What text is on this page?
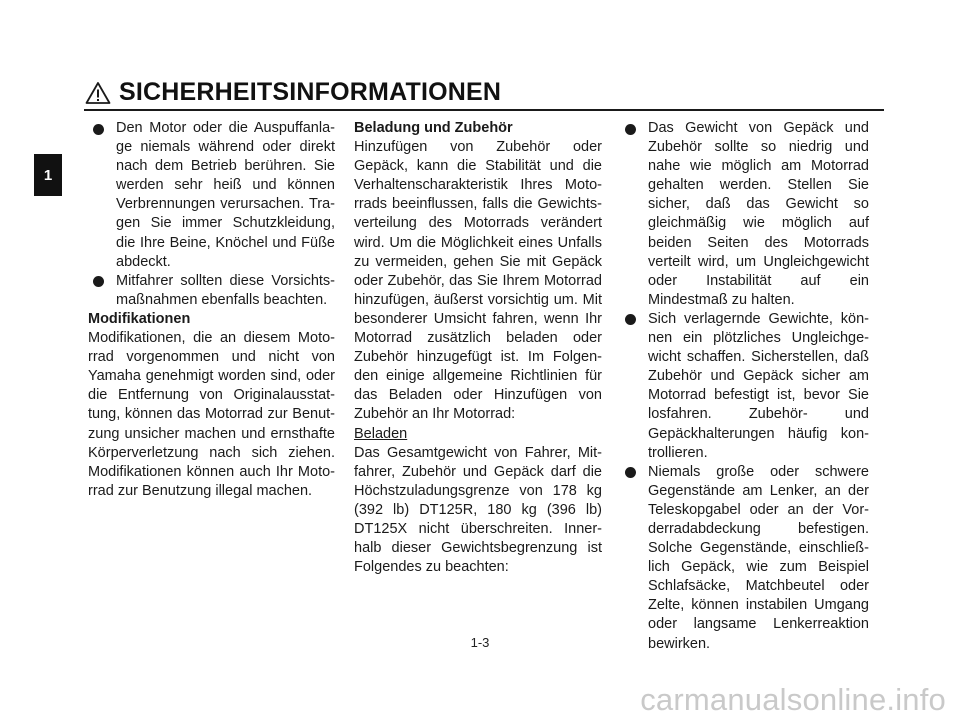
SICHERHEITSINFORMATIONEN
1
Den Motor oder die Auspuffanla-ge niemals während oder direkt nach dem Betrieb berühren. Sie werden sehr heiß und können Verbrennungen verursachen. Tra-gen Sie immer Schutzkleidung, die Ihre Beine, Knöchel und Füße abdeckt.
Mitfahrer sollten diese Vorsichts-maßnahmen ebenfalls beachten.
Modifikationen
Modifikationen, die an diesem Moto-rrad vorgenommen und nicht von Yamaha genehmigt worden sind, oder die Entfernung von Originalausstat-tung, können das Motorrad zur Benut-zung unsicher machen und ernsthafte Körperverletzung nach sich ziehen. Modifikationen können auch Ihr Moto-rrad zur Benutzung illegal machen.
Beladung und Zubehör
Hinzufügen von Zubehör oder Gepäck, kann die Stabilität und die Verhaltenscharakteristik Ihres Moto-rrads beeinflussen, falls die Gewichts-verteilung des Motorrads verändert wird. Um die Möglichkeit eines Unfalls zu vermeiden, gehen Sie mit Gepäck oder Zubehör, das Sie Ihrem Motorrad hinzufügen, äußerst vorsichtig um. Mit besonderer Umsicht fahren, wenn Ihr Motorrad zusätzlich beladen oder Zubehör hinzugefügt ist. Im Folgen-den einige allgemeine Richtlinien für das Beladen oder Hinzufügen von Zubehör an Ihr Motorrad:
Beladen
Das Gesamtgewicht von Fahrer, Mit-fahrer, Zubehör und Gepäck darf die Höchstzuladungsgrenze von 178 kg (392 lb) DT125R, 180 kg (396 lb) DT125X nicht überschreiten. Inner-halb dieser Gewichtsbegrenzung ist Folgendes zu beachten:
Das Gewicht von Gepäck und Zubehör sollte so niedrig und nahe wie möglich am Motorrad gehalten werden. Stellen Sie sicher, daß das Gewicht so gleichmäßig wie möglich auf beiden Seiten des Motorrads verteilt wird, um Ungleichgewicht oder Instabilität auf ein Mindestmaß zu halten.
Sich verlagernde Gewichte, kön-nen ein plötzliches Ungleichge-wicht schaffen. Sicherstellen, daß Zubehör und Gepäck sicher am Motorrad befestigt ist, bevor Sie losfahren. Zubehör- und Gepäckhalterungen häufig kon-trollieren.
Niemals große oder schwere Gegenstände am Lenker, an der Teleskopgabel oder an der Vor-derradabdeckung befestigen. Solche Gegenstände, einschließ-lich Gepäck, wie zum Beispiel Schlafsäcke, Matchbeutel oder Zelte, können instabilen Umgang oder langsame Lenkerreaktion bewirken.
1-3
carmanualsonline.info
